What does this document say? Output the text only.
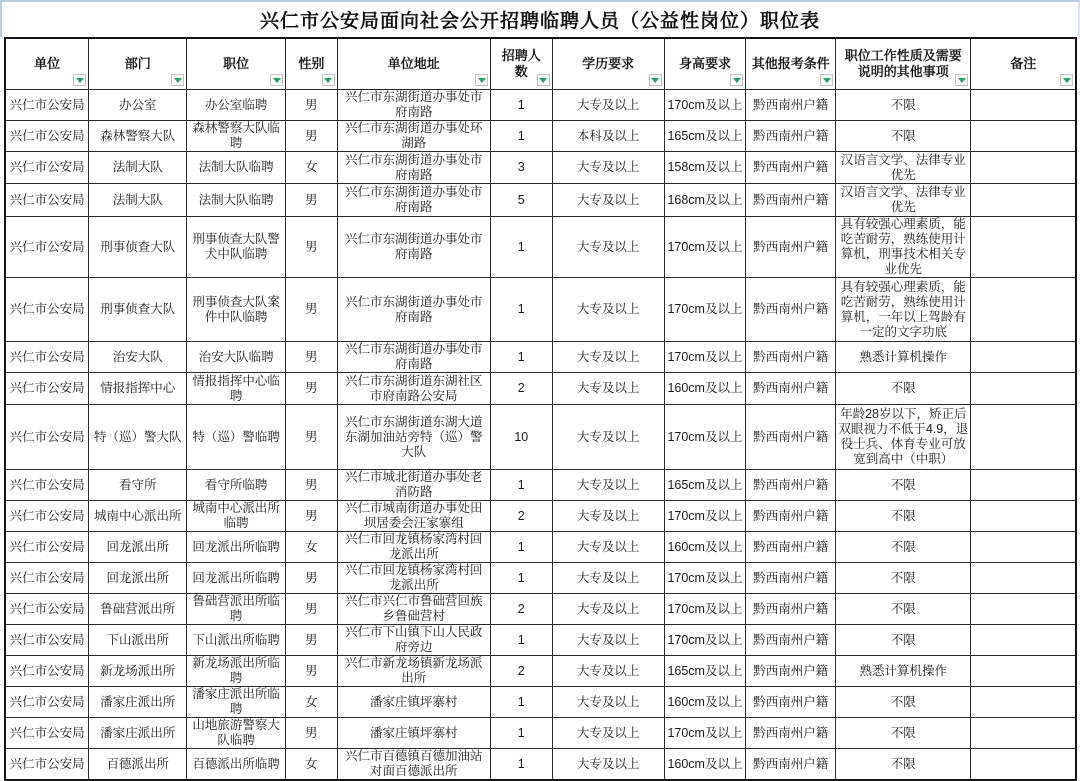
兴仁市公安局面向社会公开招聘临聘人员（公益性岗位）职位表
单位	部门	职位	性别	单位地址	招聘人数	学历要求	身高要求	其他报考条件	职位工作性质及需要说明的其他事项	备注

兴仁市公安局	办公室	办公室临聘	男	兴仁市东湖街道办事处市府南路	1	大专及以上	170cm及以上	黔西南州户籍	不限	
兴仁市公安局	森林警察大队	森林警察大队临聘	男	兴仁市东湖街道办事处环湖路	1	本科及以上	165cm及以上	黔西南州户籍	不限	
兴仁市公安局	法制大队	法制大队临聘	女	兴仁市东湖街道办事处市府南路	3	大专及以上	158cm及以上	黔西南州户籍	汉语言文学、法律专业优先	
兴仁市公安局	法制大队	法制大队临聘	男	兴仁市东湖街道办事处市府南路	5	大专及以上	168cm及以上	黔西南州户籍	汉语言文学、法律专业优先	
兴仁市公安局	刑事侦查大队	刑事侦查大队警犬中队临聘	男	兴仁市东湖街道办事处市府南路	1	大专及以上	170cm及以上	黔西南州户籍	具有较强心理素质，能吃苦耐劳，熟练使用计算机，刑事技术相关专业优先	
兴仁市公安局	刑事侦查大队	刑事侦查大队案件中队临聘	男	兴仁市东湖街道办事处市府南路	1	大专及以上	170cm及以上	黔西南州户籍	具有较强心理素质，能吃苦耐劳，熟练使用计算机，一年以上驾龄有一定的文字功底	
兴仁市公安局	治安大队	治安大队临聘	男	兴仁市东湖街道办事处市府南路	1	大专及以上	170cm及以上	黔西南州户籍	熟悉计算机操作	
兴仁市公安局	情报指挥中心	情报指挥中心临聘	男	兴仁市东湖街道东湖社区市府南路公安局	2	大专及以上	160cm及以上	黔西南州户籍	不限	
兴仁市公安局	特（巡）警大队	特（巡）警临聘	男	兴仁市东湖街道东湖大道东湖加油站旁特（巡）警大队	10	大专及以上	170cm及以上	黔西南州户籍	年龄28岁以下，矫正后双眼视力不低于4.9，退役士兵、体育专业可放宽到高中（中职）	
兴仁市公安局	看守所	看守所临聘	男	兴仁市城北街道办事处老消防路	1	大专及以上	165cm及以上	黔西南州户籍	不限	
兴仁市公安局	城南中心派出所	城南中心派出所临聘	男	兴仁市城南街道办事处田坝居委会汪家寨组	2	大专及以上	170cm及以上	黔西南州户籍	不限	
兴仁市公安局	回龙派出所	回龙派出所临聘	女	兴仁市回龙镇杨家湾村回龙派出所	1	大专及以上	160cm及以上	黔西南州户籍	不限	
兴仁市公安局	回龙派出所	回龙派出所临聘	男	兴仁市回龙镇杨家湾村回龙派出所	1	大专及以上	170cm及以上	黔西南州户籍	不限	
兴仁市公安局	鲁础营派出所	鲁础营派出所临聘	男	兴仁市兴仁市鲁础营回族乡鲁础营村	2	大专及以上	170cm及以上	黔西南州户籍	不限	
兴仁市公安局	下山派出所	下山派出所临聘	男	兴仁市下山镇下山人民政府旁边	1	大专及以上	170cm及以上	黔西南州户籍	不限	
兴仁市公安局	新龙场派出所	新龙场派出所临聘	男	兴仁市新龙场镇新龙场派出所	2	大专及以上	165cm及以上	黔西南州户籍	熟悉计算机操作	
兴仁市公安局	潘家庄派出所	潘家庄派出所临聘	女	潘家庄镇坪寨村	1	大专及以上	160cm及以上	黔西南州户籍	不限	
兴仁市公安局	潘家庄派出所	山地旅游警察大队临聘	男	潘家庄镇坪寨村	1	大专及以上	170cm及以上	黔西南州户籍	不限	
兴仁市公安局	百德派出所	百德派出所临聘	女	兴仁市百德镇百德加油站对面百德派出所	1	大专及以上	160cm及以上	黔西南州户籍	不限	
